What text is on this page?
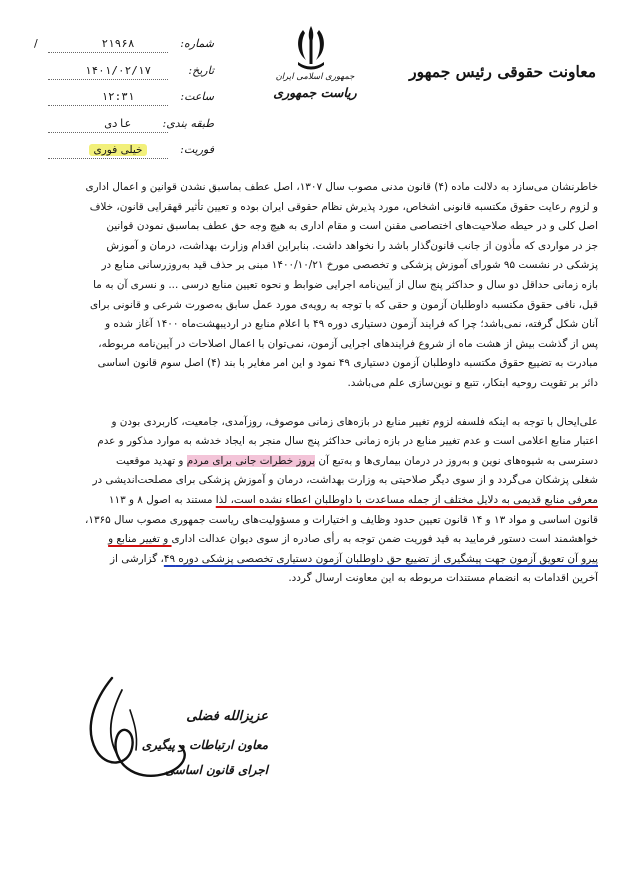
معاونت حقوقی رئیس جمهور
جمهوری اسلامی ایران
ریاست جمهوری
شماره:
۲۱۹۶۸
/
تاریخ:
۱۴۰۱/۰۲/۱۷
ساعت:
۱۲:۳۱
طبقه بندی:
عادی
فوریت:
خیلی فوری

خاطرنشان می‌سازد به دلالت ماده (۴) قانون مدنی مصوب سال ۱۳۰۷، اصل عطف بماسبق نشدن قوانین و اعمال اداری
و لزوم رعایت حقوق مکتسبه قانونی اشخاص، مورد پذیرش نظام حقوقی ایران بوده و تعیین تأثیر قهقرایی قانون، خلاف
اصل کلی و در حیطه صلاحیت‌های اختصاصی مقنن است و مقام اداری به هیچ وجه حق عطف بماسبق نمودن قوانین
جز در مواردی که مأذون از جانب قانون‌گذار باشد را نخواهد داشت. بنابراین اقدام وزارت بهداشت، درمان و آموزش
پزشکی در نشست ۹۵ شورای آموزش پزشکی و تخصصی مورخ ۱۴۰۰/۱۰/۲۱ مبنی بر حذف قید به‌روزرسانی منابع در
بازه زمانی حداقل دو سال و حداکثر پنج سال از آیین‌نامه اجرایی ضوابط و نحوه تعیین منابع درسی ... و نسری آن به ما
قبل، نافی حقوق مکتسبه داوطلبان آزمون و حقی که با توجه به رویه‌ی مورد عمل سابق به‌صورت شرعی و قانونی برای
آنان شکل گرفته، نمی‌باشد؛ چرا که فرایند آزمون دستیاری دوره ۴۹ با اعلام منابع در اردیبهشت‌ماه ۱۴۰۰ آغاز شده و
پس از گذشت بیش از هشت ماه از شروع فرایندهای اجرایی آزمون، نمی‌توان با اعمال اصلاحات در آیین‌نامه مربوطه،
مبادرت به تضییع حقوق مکتسبه داوطلبان آزمون دستیاری ۴۹ نمود و این امر مغایر با بند (۴) اصل سوم قانون اساسی
دائر بر تقویت روحیه ابتکار، تتبع و نوین‌سازی علم می‌باشد.

علی‌ایحال با توجه به اینکه فلسفه لزوم تغییر منابع در بازه‌های زمانی موصوف، روزآمدی، جامعیت، کاربردی بودن و
اعتبار منابع اعلامی است و عدم تغییر منابع در بازه زمانی حداکثر پنج سال منجر به ایجاد خدشه به موارد مذکور و عدم
دسترسی به شیوه‌های نوین و به‌روز در درمان بیماری‌ها و به‌تبع آن بروز خطرات جانی برای مردم و تهدید موقعیت
شغلی پزشکان می‌گردد و از سوی دیگر صلاحیتی به وزارت بهداشت، درمان و آموزش پزشکی برای مصلحت‌اندیشی در
معرفی منابع قدیمی به دلایل مختلف از جمله مساعدت با داوطلبان اعطاء نشده است، لذا مستند به اصول ۸ و ۱۱۳
قانون اساسی و مواد ۱۳ و ۱۴ قانون تعیین حدود وظایف و اختیارات و مسؤولیت‌های ریاست جمهوری مصوب سال ۱۳۶۵،
خواهشمند است دستور فرمایید به قید فوریت ضمن توجه به رأی صادره از سوی دیوان عدالت اداری و تغییر منابع و
پیرو آن تعویق آزمون جهت پیشگیری از تضییع حق داوطلبان آزمون دستیاری تخصصی پزشکی دوره ۴۹، گزارشی از
آخرین اقدامات به انضمام مستندات مربوطه به این معاونت ارسال گردد.

عزیزالله فضلی
معاون ارتباطات و پیگیری
اجرای قانون اساسی
